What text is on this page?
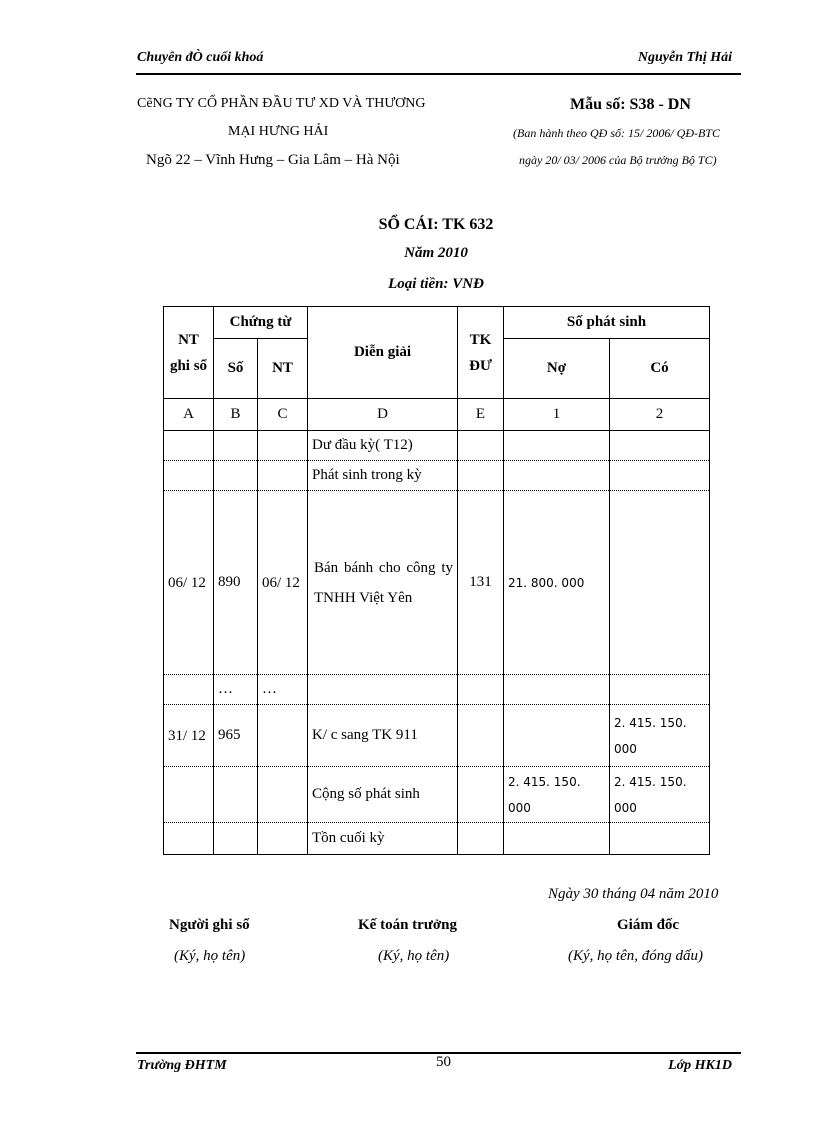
Chuyên đÒ cuối khoá	Nguyễn Thị Hải
CẽNG TY CỔ PHẦN ĐẦU TƯ XD VÀ THƯƠNG
MẠI HƯNG HẢI
Ngõ 22 – Vĩnh Hưng – Gia Lâm – Hà Nội
Mẫu số: S38 - DN
(Ban hành theo QĐ số: 15/ 2006/ QĐ-BTC
ngày 20/ 03/ 2006 của Bộ trưởng Bộ TC)
SỔ CÁI: TK 632
Năm 2010
Loại tiền: VNĐ
NT ghi sổ	Chứng từ		Diễn giải	TK ĐƯ	Số phát sinh	
	Số	NT			Nợ	Có
A	B	C	D	E	1	2
			Dư đầu kỳ( T12)			
			Phát sinh trong kỳ			
06/ 12	890	06/ 12	Bán bánh cho công ty TNHH Việt Yên	131	21. 800. 000	
	…	…				
31/ 12	965		K/ c sang TK 911			2. 415. 150. 000
			Cộng số phát sinh		2. 415. 150. 000	2. 415. 150. 000
			Tồn cuối kỳ			
Ngày 30 tháng 04 năm 2010
Người ghi sổ
(Ký, họ tên)
Kế toán trưởng
(Ký, họ tên)
Giám đốc
(Ký, họ tên, đóng dấu)
Trường ĐHTM	50	Lớp HK1D
